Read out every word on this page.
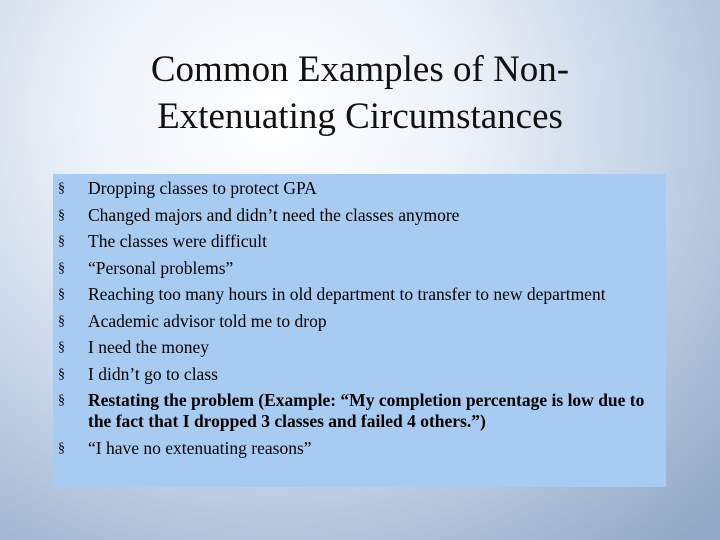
Common Examples of Non-
Extenuating Circumstances
§ Dropping classes to protect GPA
§ Changed majors and didn’t need the classes anymore
§ The classes were difficult
§ “Personal problems”
§ Reaching too many hours in old department to transfer to new department
§ Academic advisor told me to drop
§ I need the money
§ I didn’t go to class
§ Restating the problem (Example: “My completion percentage is low due to the fact that I dropped 3 classes and failed 4 others.”)
§ “I have no extenuating reasons”
